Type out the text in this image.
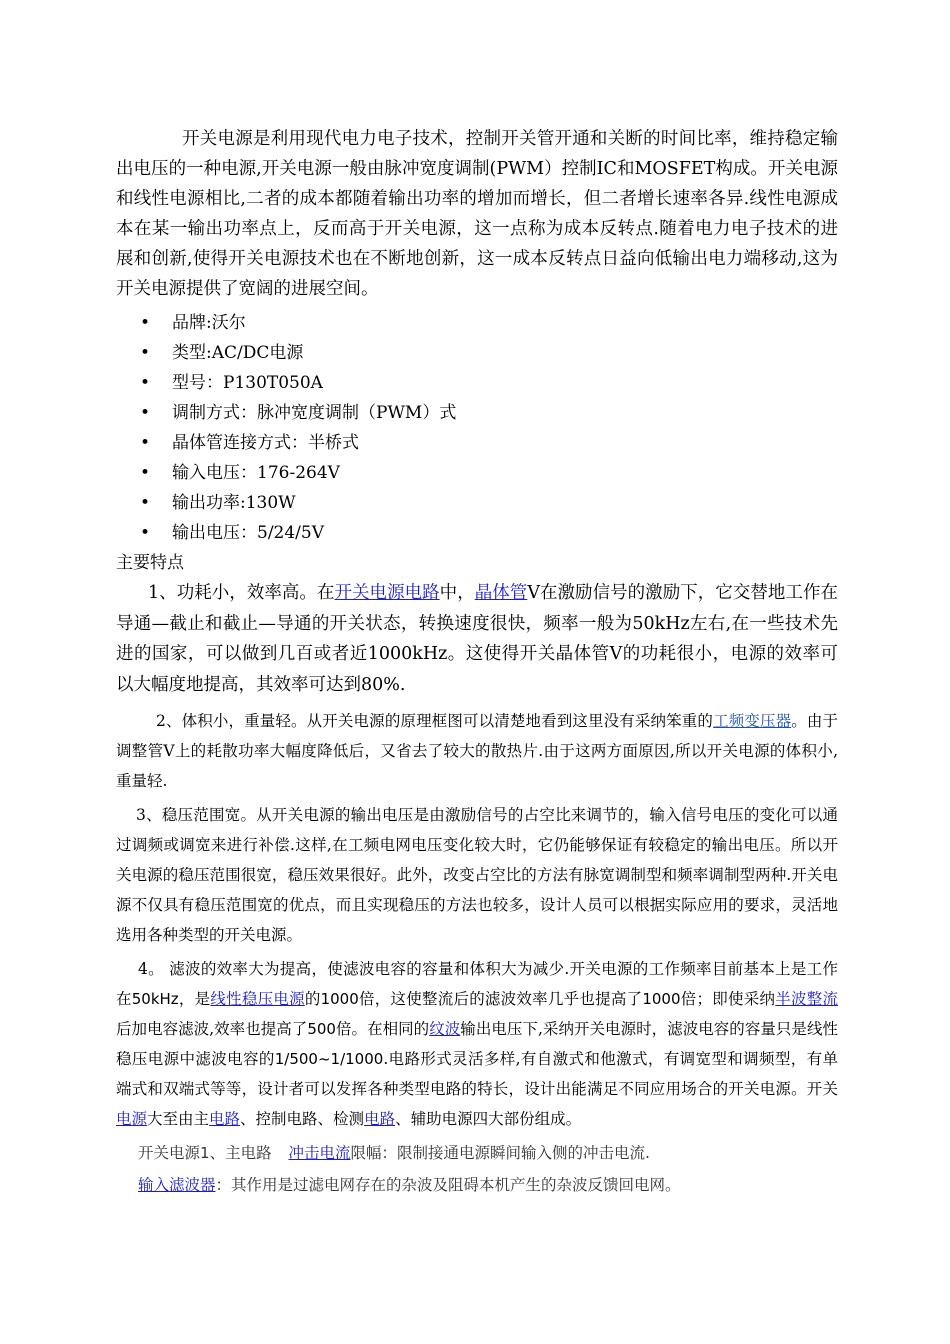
开关电源是利用现代电力电子技术，控制开关管开通和关断的时间比率，维持稳定输出电压的一种电源,开关电源一般由脉冲宽度调制(PWM）控制IC和MOSFET构成。开关电源和线性电源相比,二者的成本都随着输出功率的增加而增长，但二者增长速率各异.线性电源成本在某一输出功率点上，反而高于开关电源，这一点称为成本反转点.随着电力电子技术的进展和创新,使得开关电源技术也在不断地创新，这一成本反转点日益向低输出电力端移动,这为开关电源提供了宽阔的进展空间。

• 品牌:沃尔
• 类型:AC/DC电源
• 型号：P130T050A
• 调制方式：脉冲宽度调制（PWM）式
• 晶体管连接方式：半桥式
• 输入电压：176-264V
• 输出功率:130W
• 输出电压：5/24/5V

主要特点

1、功耗小，效率高。在开关电源电路中，晶体管V在激励信号的激励下，它交替地工作在导通—截止和截止—导通的开关状态，转换速度很快，频率一般为50kHz左右,在一些技术先进的国家，可以做到几百或者近1000kHz。这使得开关晶体管V的功耗很小，电源的效率可以大幅度地提高，其效率可达到80%.

2、体积小，重量轻。从开关电源的原理框图可以清楚地看到这里没有采纳笨重的工频变压器。由于调整管V上的耗散功率大幅度降低后，又省去了较大的散热片.由于这两方面原因,所以开关电源的体积小,重量轻.

3、稳压范围宽。从开关电源的输出电压是由激励信号的占空比来调节的，输入信号电压的变化可以通过调频或调宽来进行补偿.这样,在工频电网电压变化较大时，它仍能够保证有较稳定的输出电压。所以开关电源的稳压范围很宽，稳压效果很好。此外，改变占空比的方法有脉宽调制型和频率调制型两种.开关电源不仅具有稳压范围宽的优点，而且实现稳压的方法也较多，设计人员可以根据实际应用的要求，灵活地选用各种类型的开关电源。

4。 滤波的效率大为提高，使滤波电容的容量和体积大为减少.开关电源的工作频率目前基本上是工作在50kHz，是线性稳压电源的1000倍，这使整流后的滤波效率几乎也提高了1000倍；即使采纳半波整流后加电容滤波,效率也提高了500倍。在相同的纹波输出电压下,采纳开关电源时，滤波电容的容量只是线性稳压电源中滤波电容的1/500~1/1000.电路形式灵活多样,有自激式和他激式，有调宽型和调频型，有单端式和双端式等等，设计者可以发挥各种类型电路的特长，设计出能满足不同应用场合的开关电源。开关电源大至由主电路、控制电路、检测电路、辅助电源四大部份组成。

开关电源1、主电路 冲击电流限幅：限制接通电源瞬间输入侧的冲击电流.

输入滤波器：其作用是过滤电网存在的杂波及阻碍本机产生的杂波反馈回电网。
